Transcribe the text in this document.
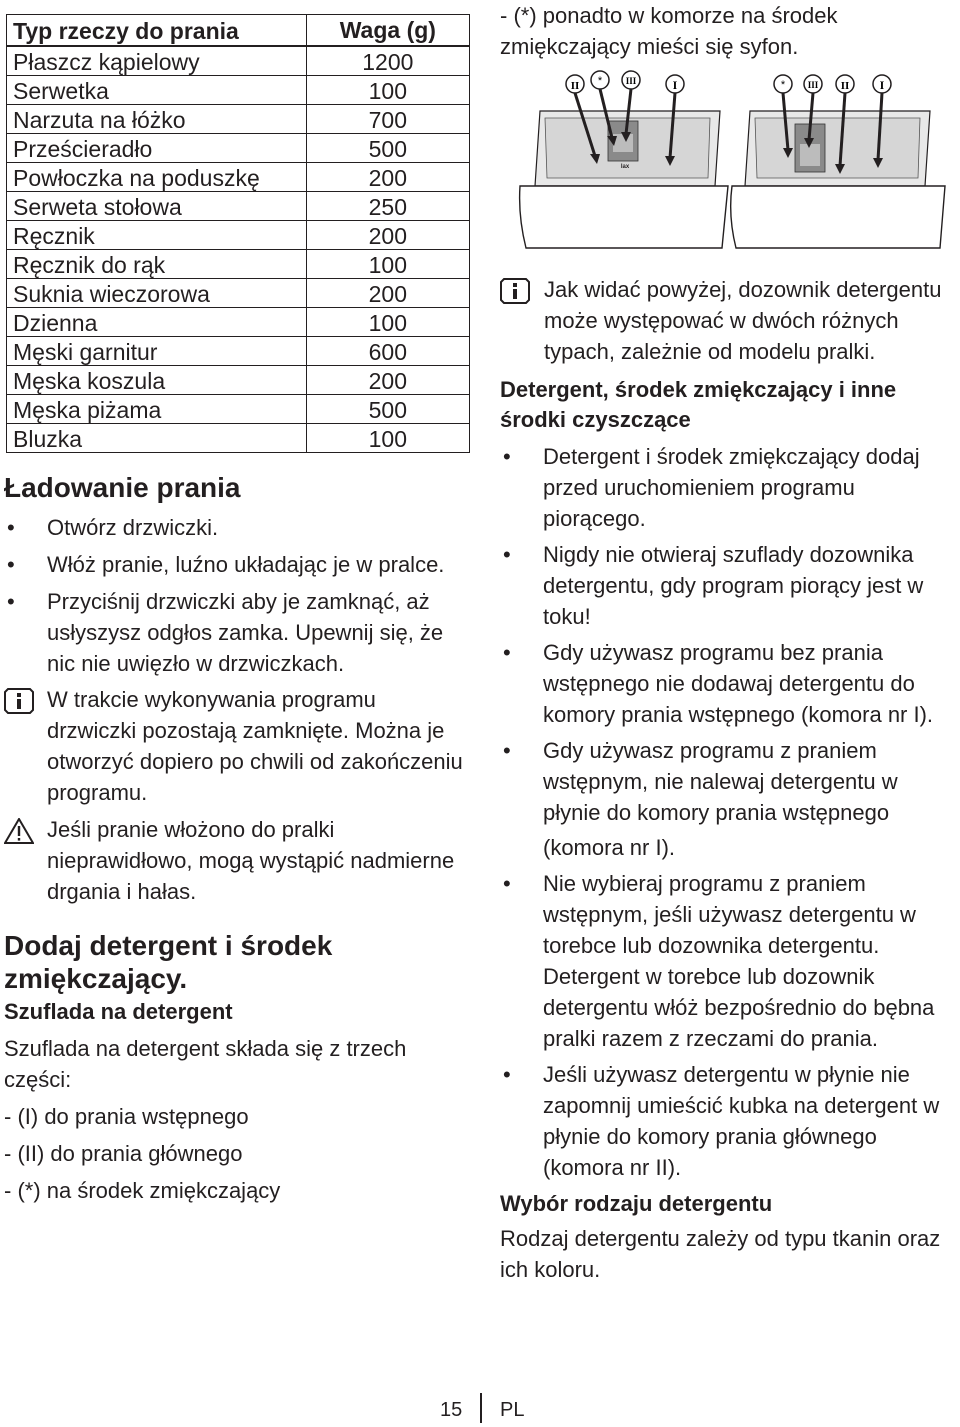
Typ rzeczy do prania	Waga (g)
Płaszcz kąpielowy	1200
Serwetka	100
Narzuta na łóżko	700
Prześcieradło	500
Powłoczka na poduszkę	200
Serweta stołowa	250
Ręcznik	200
Ręcznik do rąk	100
Suknia wieczorowa	200
Dzienna	100
Męski garnitur	600
Męska koszula	200
Męska piżama	500
Bluzka	100
Ładowanie prania
• Otwórz drzwiczki.
• Włóż pranie, luźno układając je w pralce.
• Przyciśnij drzwiczki aby je zamknąć, aż usłyszysz odgłos zamka. Upewnij się, że nic nie uwięzło w drzwiczkach.
W trakcie wykonywania programu drzwiczki pozostają zamknięte. Można je otworzyć dopiero po chwili od zakończeniu programu.
Jeśli pranie włożono do pralki nieprawidłowo, mogą wystąpić nadmierne drgania i hałas.
Dodaj detergent i środek zmiękczający.
Szuflada na detergent

Szuflada na detergent składa się z trzech części:

- (I) do prania wstępnego

- (II) do prania głównego

- (*) na środek zmiękczający

- (*) ponadto w komorze na środek zmiękczający mieści się syfon.

II *	III	I	*	III II	I
lax
Jak widać powyżej, dozownik detergentu może występować w dwóch różnych typach, zależnie od modelu pralki.
Detergent, środek zmiękczający i inne środki czyszczące
• Detergent i środek zmiękczający dodaj przed uruchomieniem programu piorącego.
• Nigdy nie otwieraj szuflady dozownika detergentu, gdy program piorący jest w toku!
• Gdy używasz programu bez prania wstępnego nie dodawaj detergentu do komory prania wstępnego (komora nr I).
• Gdy używasz programu z praniem wstępnym, nie nalewaj detergentu w płynie do komory prania wstępnego
(komora nr I).
• Nie wybieraj programu z praniem wstępnym, jeśli używasz detergentu w torebce lub dozownika detergentu. Detergent w torebce lub dozownik detergentu włóż bezpośrednio do bębna pralki razem z rzeczami do prania.
• Jeśli używasz detergentu w płynie nie zapomnij umieścić kubka na detergent w płynie do komory prania głównego (komora nr II).
Wybór rodzaju detergentu

Rodzaj detergentu zależy od typu tkanin oraz ich koloru.

15 PL
